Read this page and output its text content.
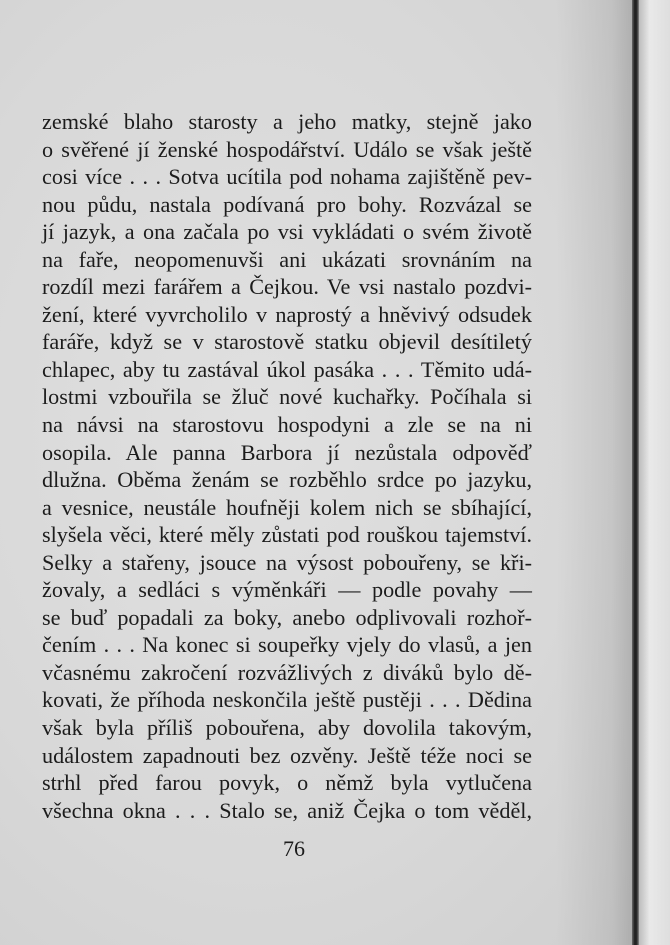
zemské blaho starosty a jeho matky, stejně jako
o svěřené jí ženské hospodářství. Událo se však ještě
cosi více . . . Sotva ucítila pod nohama zajištěně pev-
nou půdu, nastala podívaná pro bohy. Rozvázal se
jí jazyk, a ona začala po vsi vykládati o svém životě
na faře, neopomenuvši ani ukázati srovnáním na
rozdíl mezi farářem a Čejkou. Ve vsi nastalo pozdvi-
žení, které vyvrcholilo v naprostý a hněvivý odsudek
faráře, když se v starostově statku objevil desítiletý
chlapec, aby tu zastával úkol pasáka . . . Těmito udá-
lostmi vzbouřila se žluč nové kuchařky. Počíhala si
na návsi na starostovu hospodyni a zle se na ni
osopila. Ale panna Barbora jí nezůstala odpověď
dlužna. Oběma ženám se rozběhlo srdce po jazyku,
a vesnice, neustále houfněji kolem nich se sbíhající,
slyšela věci, které měly zůstati pod rouškou tajemství.
Selky a stařeny, jsouce na výsost pobouřeny, se kři-
žovaly, a sedláci s výměnkáři — podle povahy —
se buď popadali za boky, anebo odplivovali rozhoř-
čením . . . Na konec si soupeřky vjely do vlasů, a jen
včasnému zakročení rozvážlivých z diváků bylo dě-
kovati, že příhoda neskončila ještě pustěji . . . Dědina
však byla příliš pobouřena, aby dovolila takovým,
událostem zapadnouti bez ozvěny. Ještě téže noci se
strhl před farou povyk, o němž byla vytlučena
všechna okna . . . Stalo se, aniž Čejka o tom věděl,
76
